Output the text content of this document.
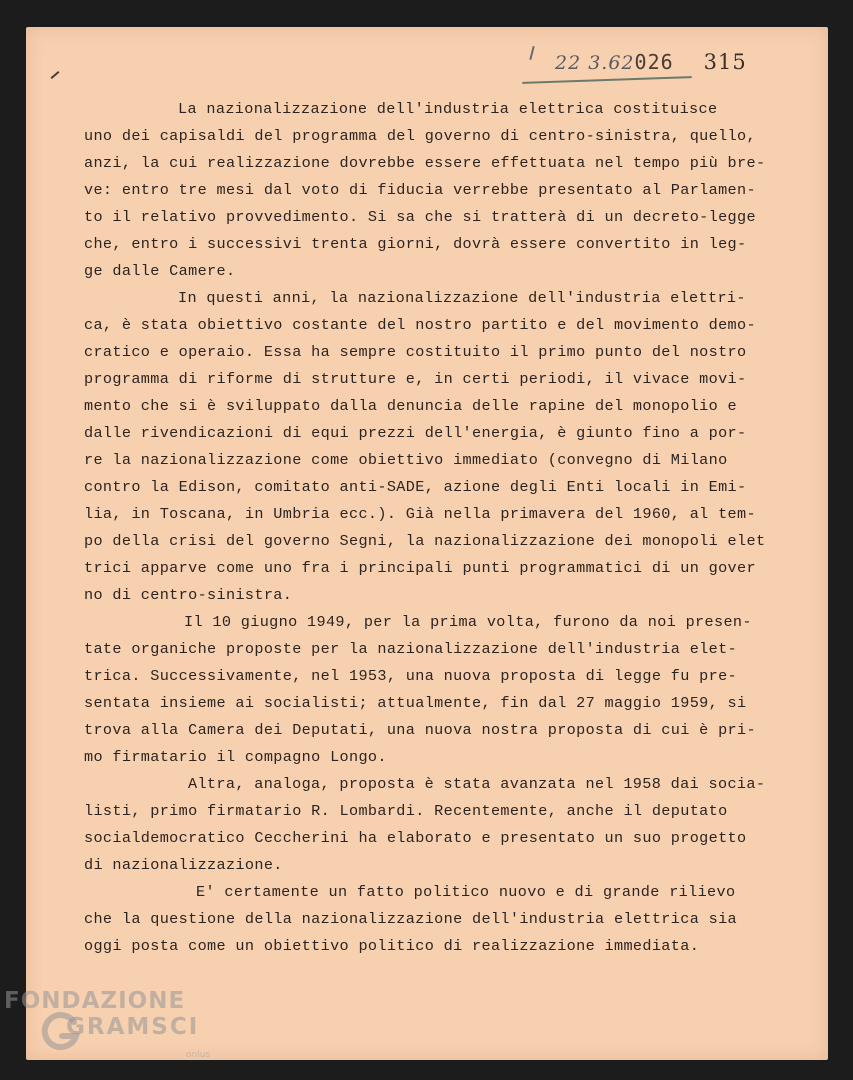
22 3.62026 315
La nazionalizzazione dell'industria elettrica costituisce
uno dei capisaldi del programma del governo di centro-sinistra, quello,
anzi, la cui realizzazione dovrebbe essere effettuata nel tempo più bre-
ve: entro tre mesi dal voto di fiducia verrebbe presentato al Parlamen-
to il relativo provvedimento. Si sa che si tratterà di un decreto-legge
che, entro i successivi trenta giorni, dovrà essere convertito in leg-
ge dalle Camere.
In questi anni, la nazionalizzazione dell'industria elettri-
ca, è stata obiettivo costante del nostro partito e del movimento demo-
cratico e operaio. Essa ha sempre costituito il primo punto del nostro
programma di riforme di strutture e, in certi periodi, il vivace movi-
mento che si è sviluppato dalla denuncia delle rapine del monopolio e
dalle rivendicazioni di equi prezzi dell'energia, è giunto fino a por-
re la nazionalizzazione come obiettivo immediato (convegno di Milano
contro la Edison, comitato anti-SADE, azione degli Enti locali in Emi-
lia, in Toscana, in Umbria ecc.). Già nella primavera del 1960, al tem-
po della crisi del governo Segni, la nazionalizzazione dei monopoli elet
trici apparve come uno fra i principali punti programmatici di un gover
no di centro-sinistra.
Il 10 giugno 1949, per la prima volta, furono da noi presen-
tate organiche proposte per la nazionalizzazione dell'industria elet-
trica. Successivamente, nel 1953, una nuova proposta di legge fu pre-
sentata insieme ai socialisti; attualmente, fin dal 27 maggio 1959, si
trova alla Camera dei Deputati, una nuova nostra proposta di cui è pri-
mo firmatario il compagno Longo.
Altra, analoga, proposta è stata avanzata nel 1958 dai socia-
listi, primo firmatario R. Lombardi. Recentemente, anche il deputato
socialdemocratico Ceccherini ha elaborato e presentato un suo progetto
di nazionalizzazione.
E' certamente un fatto politico nuovo e di grande rilievo
che la questione della nazionalizzazione dell'industria elettrica sia
oggi posta come un obiettivo politico di realizzazione immediata.
FONDAZIONE
GRAMSCI
onlus
